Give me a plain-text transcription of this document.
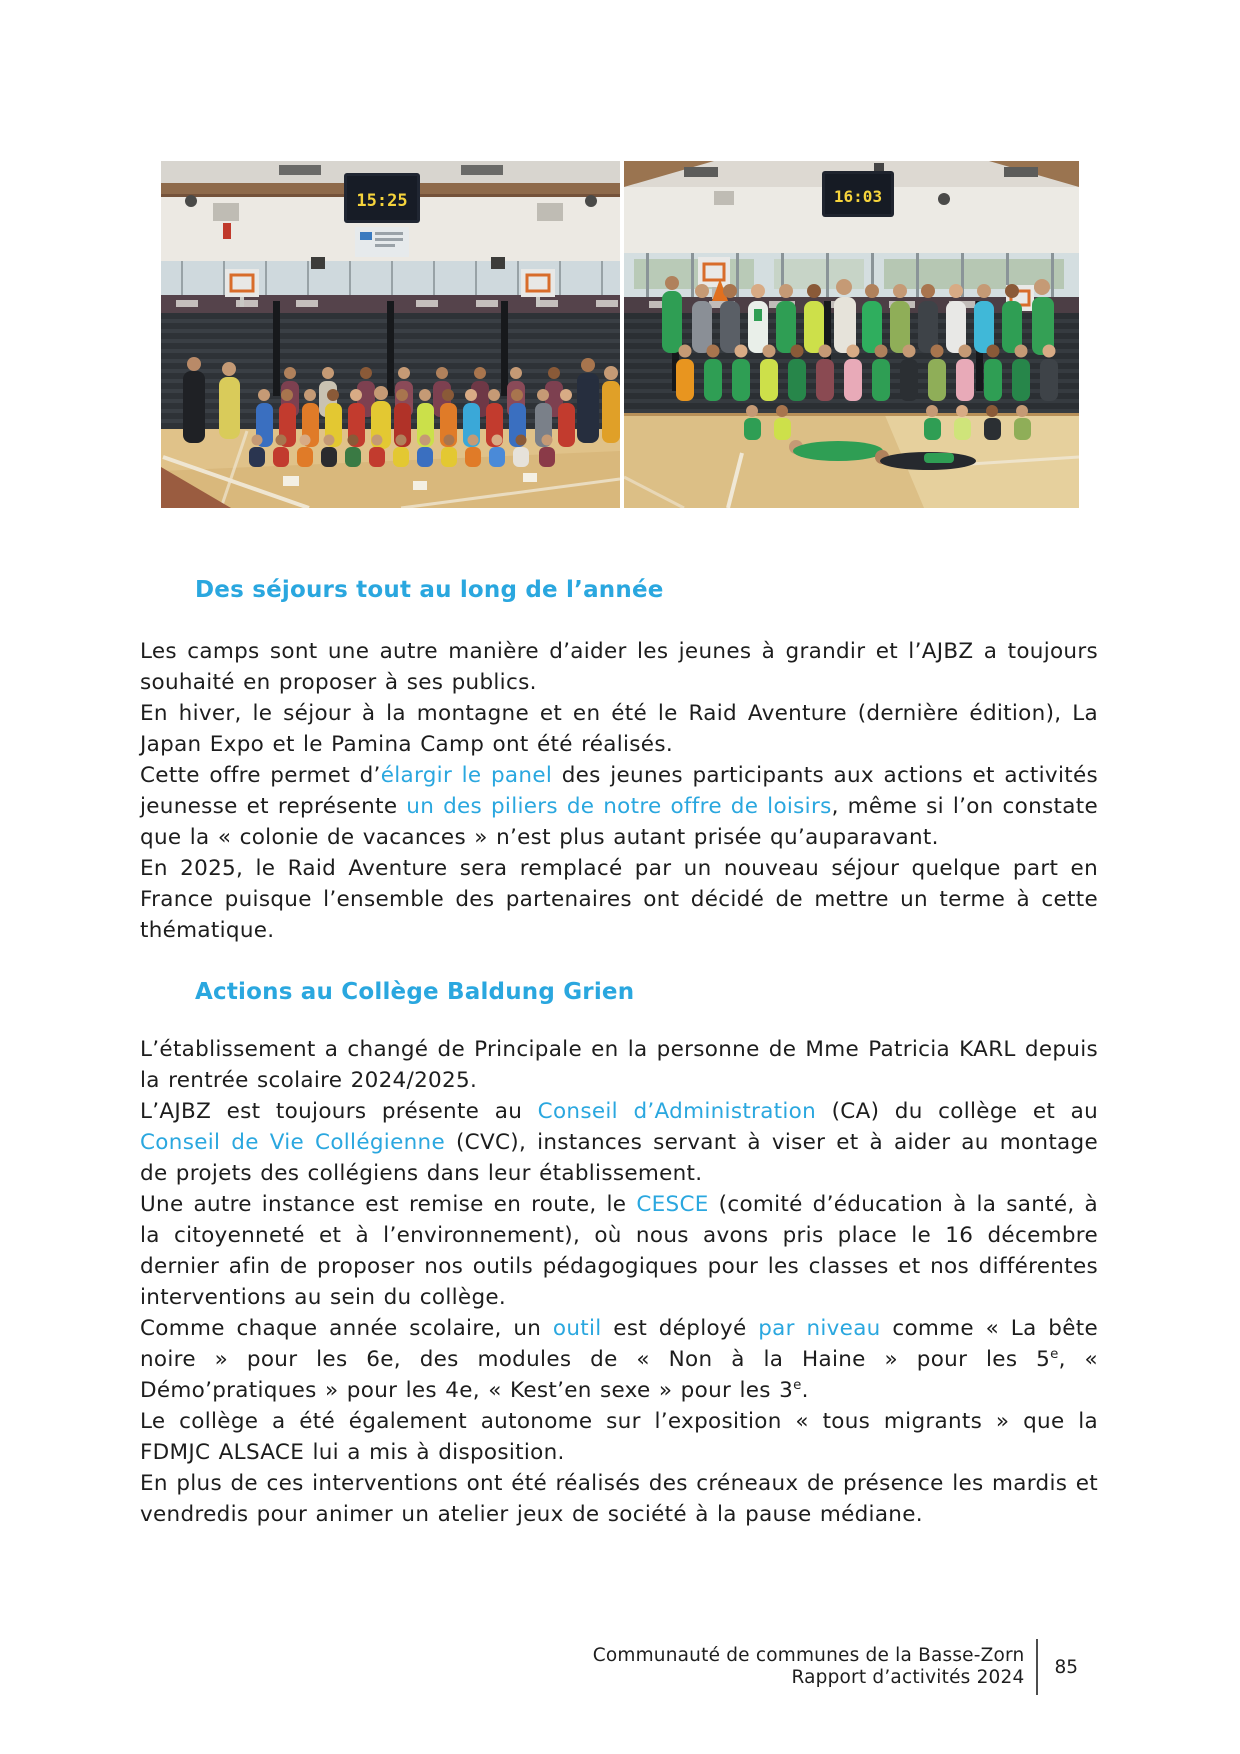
15:25	16:03
Des séjours tout au long de l’année

Les camps sont une autre manière d’aider les jeunes à grandir et l’AJBZ a toujours souhaité en proposer à ses publics.

En hiver, le séjour à la montagne et en été le Raid Aventure (dernière édition), La Japan Expo et le Pamina Camp ont été réalisés.

Cette offre permet d’élargir le panel des jeunes participants aux actions et activités jeunesse et représente un des piliers de notre offre de loisirs, même si l’on constate que la « colonie de vacances » n’est plus autant prisée qu’auparavant.

En 2025, le Raid Aventure sera remplacé par un nouveau séjour quelque part en France puisque l’ensemble des partenaires ont décidé de mettre un terme à cette thématique.

Actions au Collège Baldung Grien

L’établissement a changé de Principale en la personne de Mme Patricia KARL depuis la rentrée scolaire 2024/2025.

L’AJBZ est toujours présente au Conseil d’Administration (CA) du collège et au Conseil de Vie Collégienne (CVC), instances servant à viser et à aider au montage de projets des collégiens dans leur établissement.

Une autre instance est remise en route, le CESCE (comité d’éducation à la santé, à la citoyenneté et à l’environnement), où nous avons pris place le 16 décembre dernier afin de proposer nos outils pédagogiques pour les classes et nos différentes interventions au sein du collège.

Comme chaque année scolaire, un outil est déployé par niveau comme « La bête noire » pour les 6e, des modules de « Non à la Haine » pour les 5e, « Démo’pratiques » pour les 4e, « Kest’en sexe » pour les 3e.

Le collège a été également autonome sur l’exposition « tous migrants » que la FDMJC ALSACE lui a mis à disposition.

En plus de ces interventions ont été réalisés des créneaux de présence les mardis et vendredis pour animer un atelier jeux de société à la pause médiane.

Communauté de communes de la Basse-Zorn
Rapport d’activités 2024 85
